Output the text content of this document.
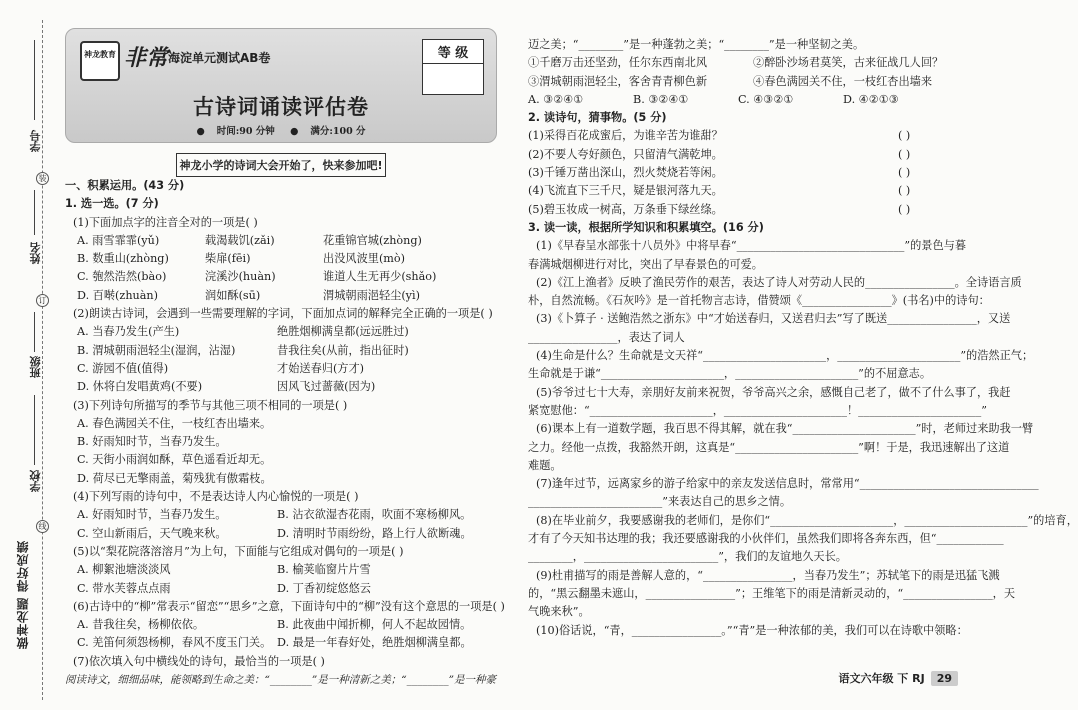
学号
装
姓名
订
班级
学校
线
做神龙题 得好成绩
神龙教育 非常 海淀单元测试AB卷	等 级
古诗词诵读评估卷
● 时间:90 分钟 ● 满分:100 分
神龙小学的诗词大会开始了，快来参加吧!
一、积累运用。(43 分)
1. 选一选。(7 分)
(1)下面加点字的注音全对的一项是( )
A. 雨雪霏霏(yǔ)	载渴载饥(zǎi)	花重锦官城(zhòng)
B. 数重山(zhòng)	柴扉(fēi)	出没风波里(mò)
C. 匏然浩然(bào)	浣溪沙(huàn)	谁道人生无再少(shǎo)
D. 百啭(zhuàn)	润如酥(sū)	渭城朝雨浥轻尘(yì)
(2)朗读古诗词，会遇到一些需要理解的字词，下面加点词的解释完全正确的一项是( )
A. 当春乃发生(产生)	绝胜烟柳满皇都(远远胜过)
B. 渭城朝雨浥轻尘(湿润，沾湿)	昔我往矣(从前，指出征时)
C. 游园不值(值得)	才始送春归(方才)
D. 休将白发唱黄鸡(不要)	因风飞过蔷薇(因为)
(3)下列诗句所描写的季节与其他三项不相同的一项是( )
A. 春色满园关不住，一枝红杏出墙来。
B. 好雨知时节，当春乃发生。
C. 天街小雨润如酥，草色遥看近却无。
D. 荷尽已无擎雨盖，菊残犹有傲霜枝。
(4)下列写雨的诗句中，不是表达诗人内心愉悦的一项是( )
A. 好雨知时节，当春乃发生。	B. 沾衣欲湿杏花雨，吹面不寒杨柳风。
C. 空山新雨后，天气晚来秋。	D. 清明时节雨纷纷，路上行人欲断魂。
(5)以“梨花院落溶溶月”为上句，下面能与它组成对偶句的一项是( )
A. 柳絮池塘淡淡风	B. 榆荚临窗片片雪
C. 带水芙蓉点点雨	D. 丁香初绽悠悠云
(6)古诗中的“柳”常表示“留恋”“思乡”之意，下面诗句中的“柳”没有这个意思的一项是( )
A. 昔我往矣，杨柳依依。	B. 此夜曲中闻折柳，何人不起故园情。
C. 羌笛何须怨杨柳，春风不度玉门关。 D. 最是一年春好处，绝胜烟柳满皇都。
(7)依次填入句中横线处的诗句，最恰当的一项是( )
阅读诗文，细细品味，能领略到生命之美：“________”是一种清新之美；“________”是一种豪
迈之美；“________”是一种蓬勃之美；“________”是一种坚韧之美。
①千磨万击还坚劲，任尔东西南北风	②醉卧沙场君莫笑，古来征战几人回？
③渭城朝雨浥轻尘，客舍青青柳色新	④春色满园关不住，一枝红杏出墙来
A. ③②④①	B. ③②④①	C. ④③②①	D. ④②①③
2. 读诗句，猜事物。(5 分)
(1)采得百花成蜜后，为谁辛苦为谁甜？	( )
(2)不要人夸好颜色，只留清气满乾坤。	( )
(3)千锤万凿出深山，烈火焚烧若等闲。	( )
(4)飞流直下三千尺，疑是银河落九天。	( )
(5)碧玉妆成一树高，万条垂下绿丝绦。	( )
3. 读一读，根据所学知识和积累填空。(16 分)
(1)《早春呈水部张十八员外》中将早春“______________________________”的景色与暮
春满城烟柳进行对比，突出了早春景色的可爱。
(2)《江上渔者》反映了渔民劳作的艰苦，表达了诗人对劳动人民的________________。全诗语言质
朴，自然流畅。《石灰吟》是一首托物言志诗，借赞颂《________________》(书名)中的诗句：
(3)《卜算子 · 送鲍浩然之浙东》中“才始送春归，又送君归去”写了既送________________，又送
________________，表达了词人
(4)生命是什么？生命就是文天祥“______________________，______________________”的浩然正气；
生命就是于谦“______________________，______________________”的不屈意志。
(5)爷爷过七十大寿，亲朋好友前来祝贺，爷爷高兴之余，感慨自己老了，做不了什么事了，我赶
紧宽慰他：“______________________，______________________！______________________”
(6)课本上有一道数学题，我百思不得其解，就在我“______________________”时，老师过来助我一臂
之力。经他一点拨，我豁然开朗，这真是“______________________”啊！于是，我迅速解出了这道
难题。
(7)逢年过节，远离家乡的游子给家中的亲友发送信息时，常常用“________________________________
________________________”来表达自己的思乡之情。
(8)在毕业前夕，我要感谢我的老师们，是你们“______________________，______________________”的培育，
才有了今天知书达理的我；我还要感谢我的小伙伴们，虽然我们即将各奔东西，但“____________
________，________________________”，我们的友谊地久天长。
(9)杜甫描写的雨是善解人意的，“________________，当春乃发生”；苏轼笔下的雨是迅猛飞溅
的，“黑云翻墨未遮山，________________”；王维笔下的雨是清新灵动的，“________________，天
气晚来秋”。
(10)俗话说，“青，________________。”“青”是一种浓郁的美，我们可以在诗歌中领略：
语文六年级 下 RJ 29
